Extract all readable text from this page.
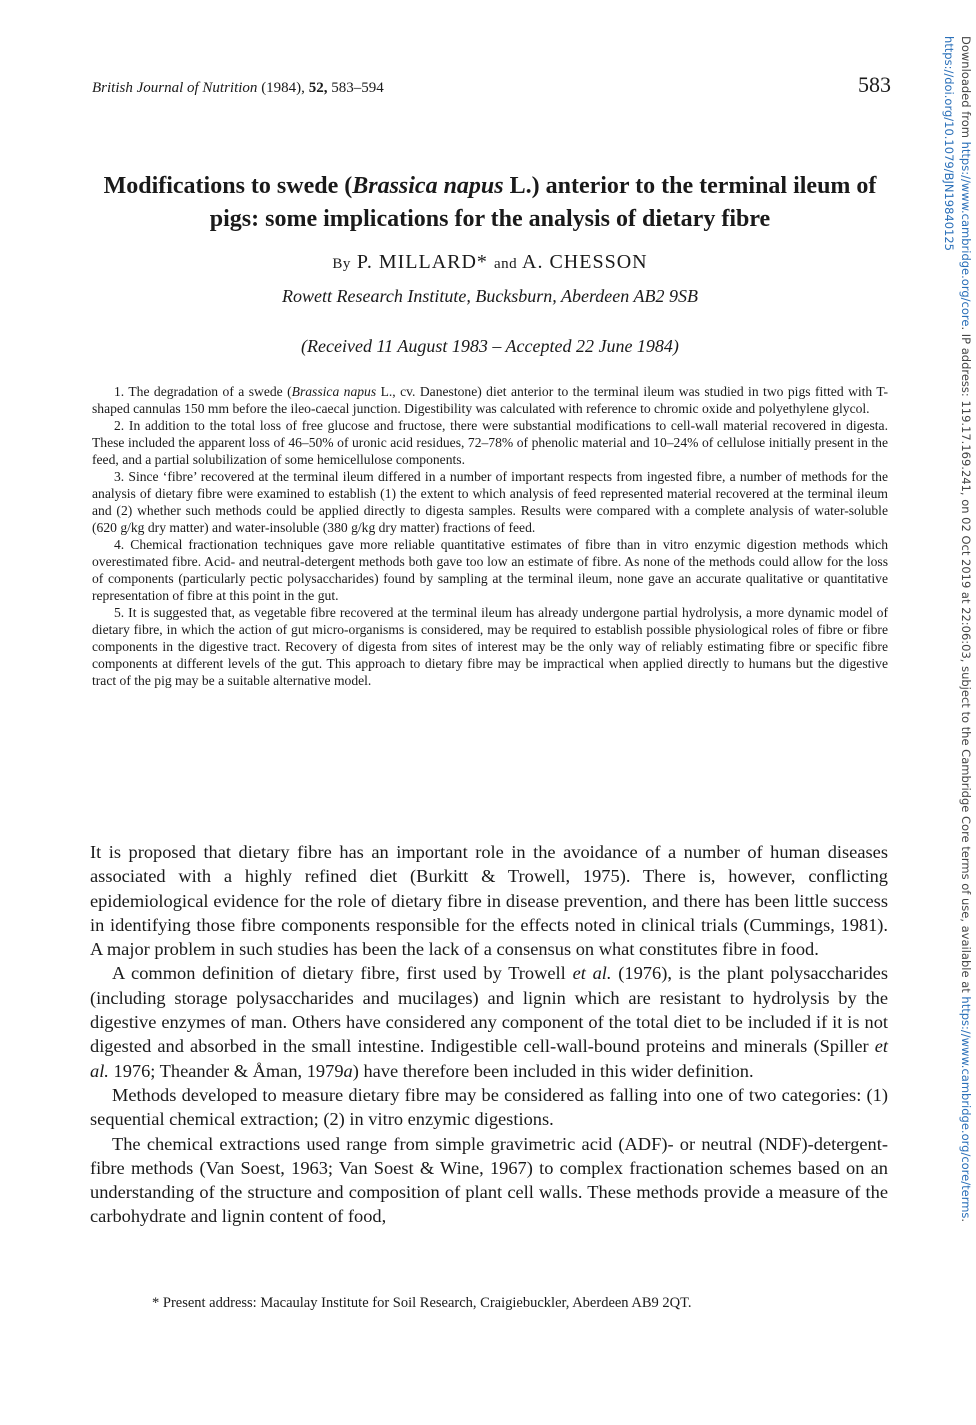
British Journal of Nutrition (1984), 52, 583–594	583
Modifications to swede (Brassica napus L.) anterior to the terminal ileum of pigs: some implications for the analysis of dietary fibre
By P. MILLARD* and A. CHESSON
Rowett Research Institute, Bucksburn, Aberdeen AB2 9SB
(Received 11 August 1983 – Accepted 22 June 1984)

1. The degradation of a swede (Brassica napus L., cv. Danestone) diet anterior to the terminal ileum was studied in two pigs fitted with T-shaped cannulas 150 mm before the ileo-caecal junction. Digestibility was calculated with reference to chromic oxide and polyethylene glycol.

2. In addition to the total loss of free glucose and fructose, there were substantial modifications to cell-wall material recovered in digesta. These included the apparent loss of 46–50% of uronic acid residues, 72–78% of phenolic material and 10–24% of cellulose initially present in the feed, and a partial solubilization of some hemicellulose components.

3. Since ‘fibre’ recovered at the terminal ileum differed in a number of important respects from ingested fibre, a number of methods for the analysis of dietary fibre were examined to establish (1) the extent to which analysis of feed represented material recovered at the terminal ileum and (2) whether such methods could be applied directly to digesta samples. Results were compared with a complete analysis of water-soluble (620 g/kg dry matter) and water-insoluble (380 g/kg dry matter) fractions of feed.

4. Chemical fractionation techniques gave more reliable quantitative estimates of fibre than in vitro enzymic digestion methods which overestimated fibre. Acid- and neutral-detergent methods both gave too low an estimate of fibre. As none of the methods could allow for the loss of components (particularly pectic polysaccharides) found by sampling at the terminal ileum, none gave an accurate qualitative or quantitative representation of fibre at this point in the gut.

5. It is suggested that, as vegetable fibre recovered at the terminal ileum has already undergone partial hydrolysis, a more dynamic model of dietary fibre, in which the action of gut micro-organisms is considered, may be required to establish possible physiological roles of fibre or fibre components in the digestive tract. Recovery of digesta from sites of interest may be the only way of reliably estimating fibre or specific fibre components at different levels of the gut. This approach to dietary fibre may be impractical when applied directly to humans but the digestive tract of the pig may be a suitable alternative model.

It is proposed that dietary fibre has an important role in the avoidance of a number of human diseases associated with a highly refined diet (Burkitt & Trowell, 1975). There is, however, conflicting epidemiological evidence for the role of dietary fibre in disease prevention, and there has been little success in identifying those fibre components responsible for the effects noted in clinical trials (Cummings, 1981). A major problem in such studies has been the lack of a consensus on what constitutes fibre in food.

A common definition of dietary fibre, first used by Trowell et al. (1976), is the plant polysaccharides (including storage polysaccharides and mucilages) and lignin which are resistant to hydrolysis by the digestive enzymes of man. Others have considered any component of the total diet to be included if it is not digested and absorbed in the small intestine. Indigestible cell-wall-bound proteins and minerals (Spiller et al. 1976; Theander & Åman, 1979a) have therefore been included in this wider definition.

Methods developed to measure dietary fibre may be considered as falling into one of two categories: (1) sequential chemical extraction; (2) in vitro enzymic digestions.

The chemical extractions used range from simple gravimetric acid (ADF)- or neutral (NDF)-detergent-fibre methods (Van Soest, 1963; Van Soest & Wine, 1967) to complex fractionation schemes based on an understanding of the structure and composition of plant cell walls. These methods provide a measure of the carbohydrate and lignin content of food,

* Present address: Macaulay Institute for Soil Research, Craigiebuckler, Aberdeen AB9 2QT.
Downloaded from https://www.cambridge.org/core. IP address: 119.17.169.241, on 02 Oct 2019 at 22:06:03, subject to the Cambridge Core terms of use, available at https://www.cambridge.org/core/terms.
https://doi.org/10.1079/BJN19840125
